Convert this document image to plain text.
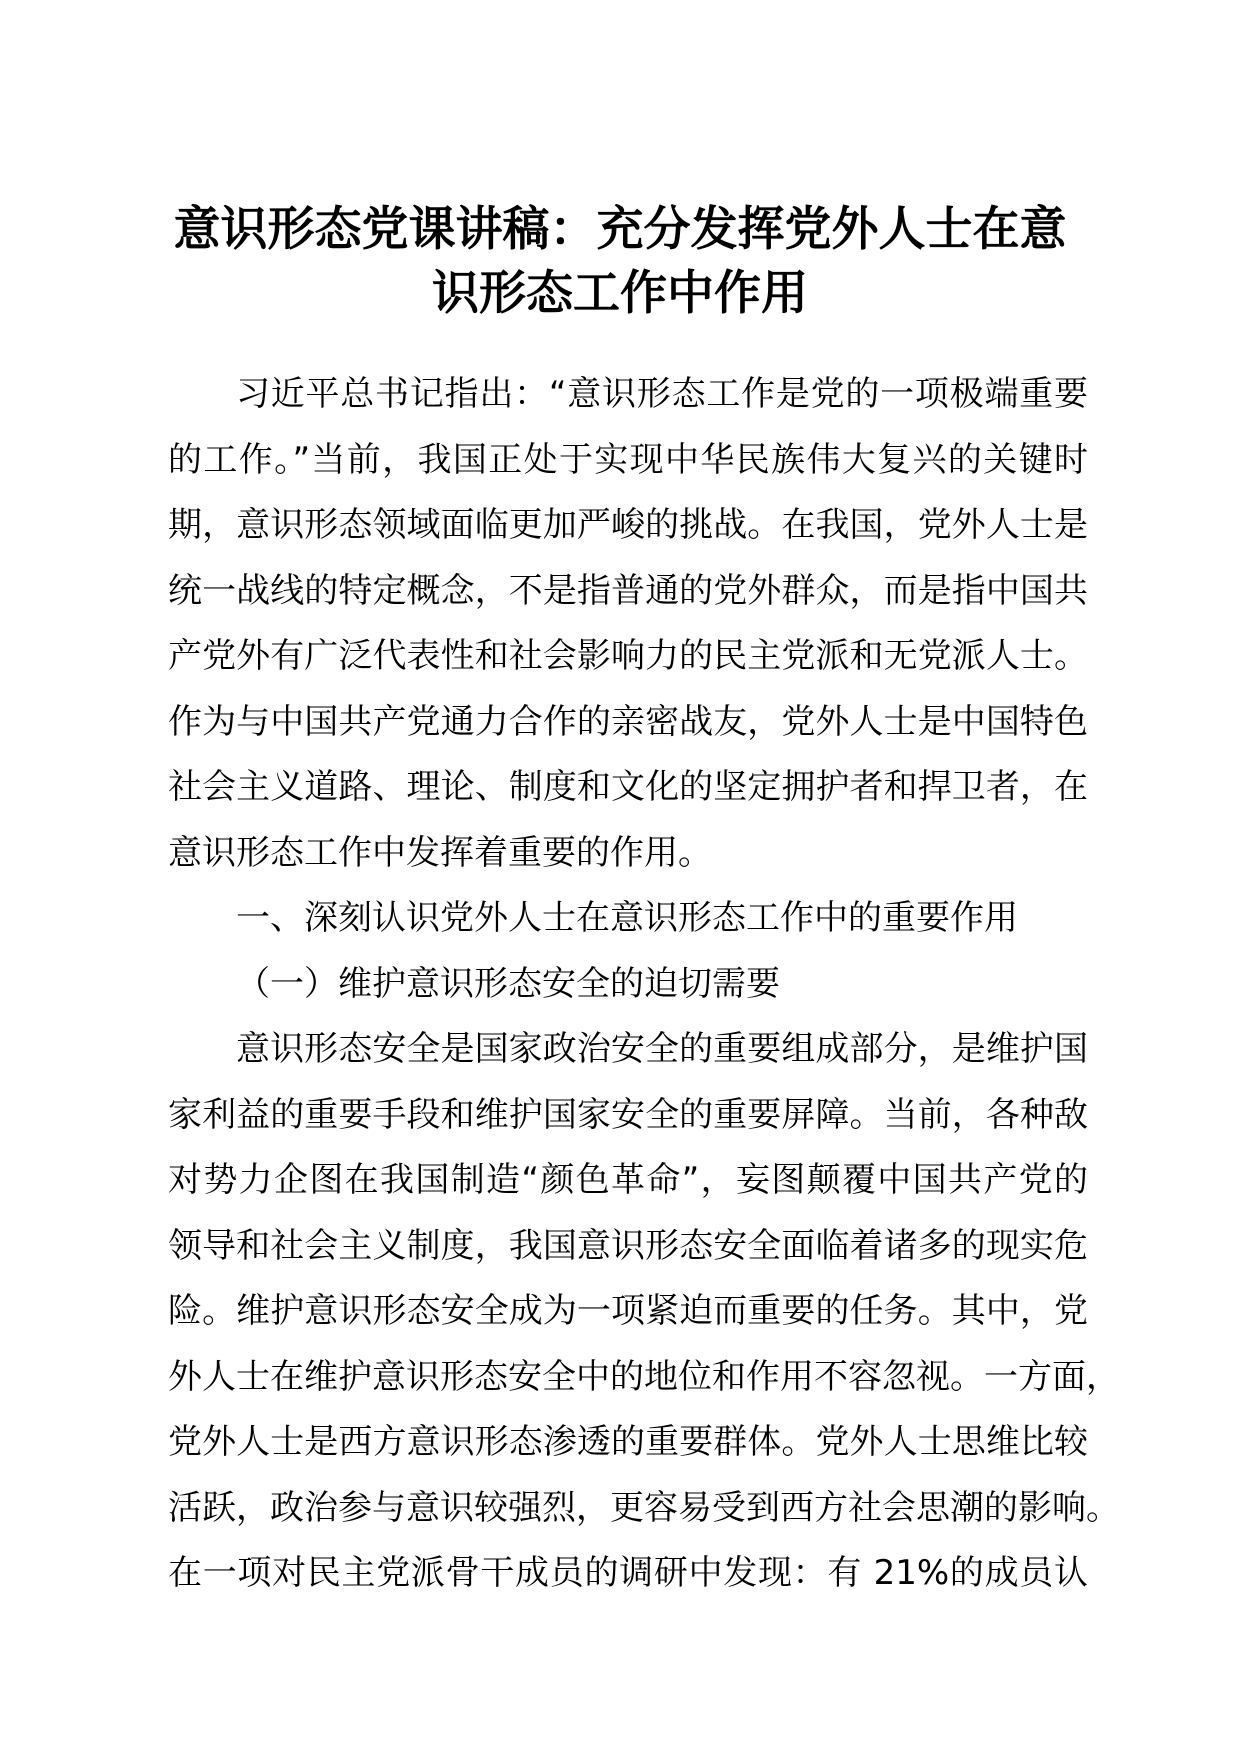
意识形态党课讲稿：充分发挥党外人士在意
识形态工作中作用
习近平总书记指出：“意识形态工作是党的一项极端重要
的工作。”当前，我国正处于实现中华民族伟大复兴的关键时
期，意识形态领域面临更加严峻的挑战。在我国，党外人士是
统一战线的特定概念，不是指普通的党外群众，而是指中国共
产党外有广泛代表性和社会影响力的民主党派和无党派人士。
作为与中国共产党通力合作的亲密战友，党外人士是中国特色
社会主义道路、理论、制度和文化的坚定拥护者和捍卫者，在
意识形态工作中发挥着重要的作用。
一、深刻认识党外人士在意识形态工作中的重要作用
（一）维护意识形态安全的迫切需要
意识形态安全是国家政治安全的重要组成部分，是维护国
家利益的重要手段和维护国家安全的重要屏障。当前，各种敌
对势力企图在我国制造“颜色革命”，妄图颠覆中国共产党的
领导和社会主义制度，我国意识形态安全面临着诸多的现实危
险。维护意识形态安全成为一项紧迫而重要的任务。其中，党
外人士在维护意识形态安全中的地位和作用不容忽视。一方面，
党外人士是西方意识形态渗透的重要群体。党外人士思维比较
活跃，政治参与意识较强烈，更容易受到西方社会思潮的影响。
在一项对民主党派骨干成员的调研中发现：有 21%的成员认
